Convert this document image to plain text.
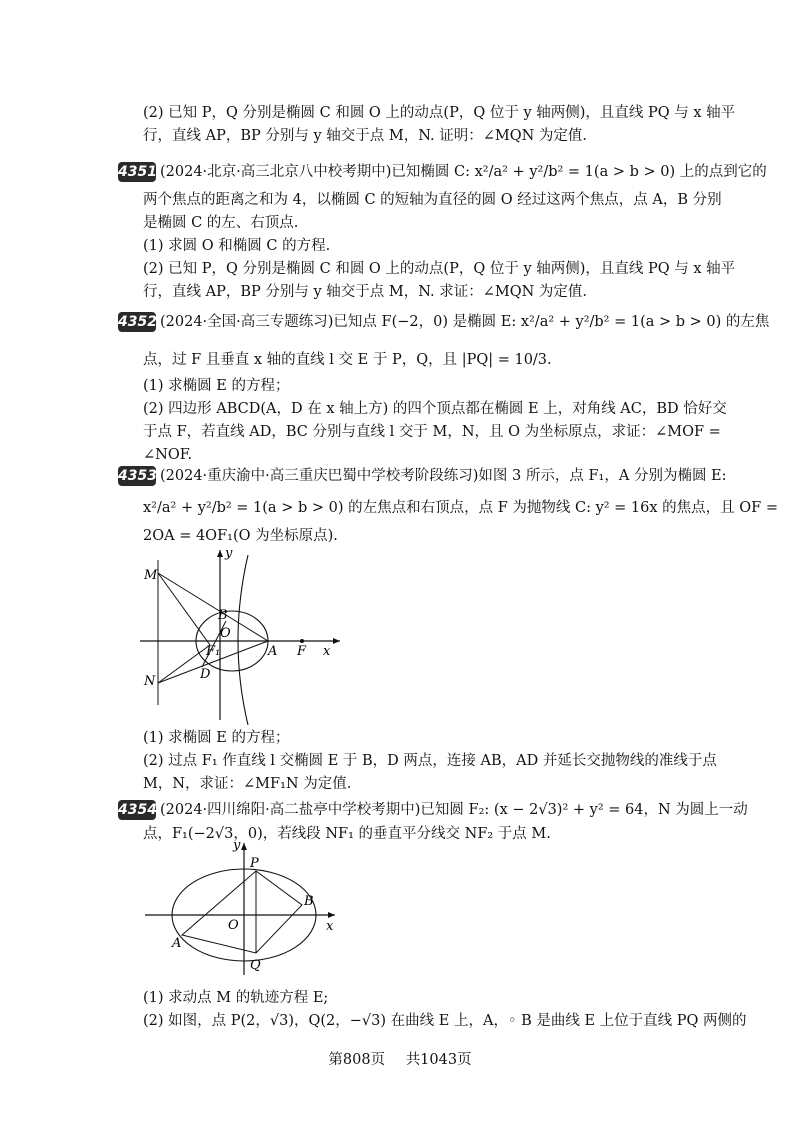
(2) 已知 P，Q 分别是椭圆 C 和圆 O 上的动点(P，Q 位于 y 轴两侧)，且直线 PQ 与 x 轴平
行，直线 AP，BP 分别与 y 轴交于点 M，N. 证明：∠MQN 为定值.
4351 (2024·北京·高三北京八中校考期中)已知椭圆 C: x²/a² + y²/b² = 1(a > b > 0) 上的点到它的
两个焦点的距离之和为 4，以椭圆 C 的短轴为直径的圆 O 经过这两个焦点，点 A，B 分别
是椭圆 C 的左、右顶点.
(1) 求圆 O 和椭圆 C 的方程.
(2) 已知 P，Q 分别是椭圆 C 和圆 O 上的动点(P，Q 位于 y 轴两侧)，且直线 PQ 与 x 轴平
行，直线 AP，BP 分别与 y 轴交于点 M，N. 求证：∠MQN 为定值.
4352 (2024·全国·高三专题练习)已知点 F(−2，0) 是椭圆 E: x²/a² + y²/b² = 1(a > b > 0) 的左焦
点，过 F 且垂直 x 轴的直线 l 交 E 于 P，Q，且 |PQ| = 10/3.
(1) 求椭圆 E 的方程；
(2) 四边形 ABCD(A，D 在 x 轴上方) 的四个顶点都在椭圆 E 上，对角线 AC，BD 恰好交
于点 F，若直线 AD，BC 分别与直线 l 交于 M，N，且 O 为坐标原点，求证：∠MOF =
∠NOF.
4353 (2024·重庆渝中·高三重庆巴蜀中学校考阶段练习)如图 3 所示，点 F₁，A 分别为椭圆 E:
x²/a² + y²/b² = 1(a > b > 0) 的左焦点和右顶点，点 F 为抛物线 C: y² = 16x 的焦点，且 OF =
2OA = 4OF₁(O 为坐标原点).
M
N
B
O
F₁
D
A F x
y
(1) 求椭圆 E 的方程；
(2) 过点 F₁ 作直线 l 交椭圆 E 于 B，D 两点，连接 AB，AD 并延长交抛物线的准线于点
M，N，求证：∠MF₁N 为定值.
4354 (2024·四川绵阳·高二盐亭中学校考期中)已知圆 F₂: (x − 2√3)² + y² = 64，N 为圆上一动
点，F₁(−2√3，0)，若线段 NF₁ 的垂直平分线交 NF₂ 于点 M.
y
P
B
O	x
A
Q
(1) 求动点 M 的轨迹方程 E;
(2) 如图，点 P(2，√3)，Q(2，−√3) 在曲线 E 上，A，◦ B 是曲线 E 上位于直线 PQ 两侧的
第808页 共1043页
